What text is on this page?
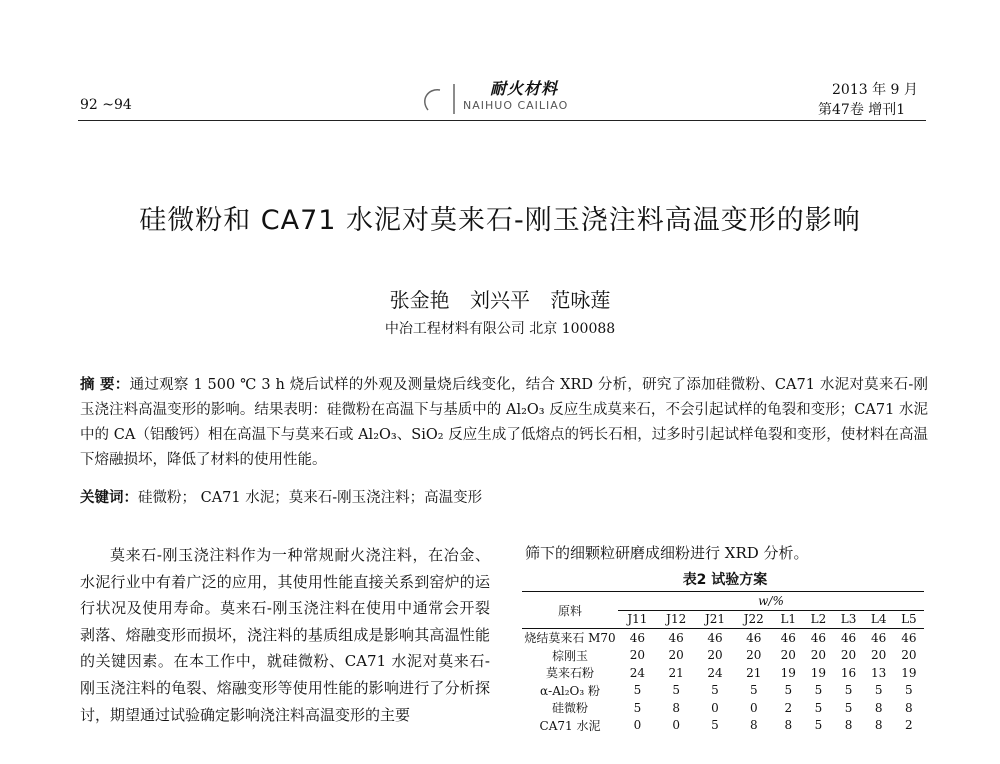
92 ~94
耐火材料
NAIHUO CAILIAO
2013 年 9 月
第47卷 增刊1
硅微粉和 CA71 水泥对莫来石-刚玉浇注料高温变形的影响
张金艳 刘兴平 范咏莲
中冶工程材料有限公司 北京 100088
摘 要：通过观察 1 500 ℃ 3 h 烧后试样的外观及测量烧后线变化，结合 XRD 分析，研究了添加硅微粉、CA71 水泥对莫来石-刚玉浇注料高温变形的影响。结果表明：硅微粉在高温下与基质中的 Al₂O₃ 反应生成莫来石，不会引起试样的龟裂和变形；CA71 水泥中的 CA（铝酸钙）相在高温下与莫来石或 Al₂O₃、SiO₂ 反应生成了低熔点的钙长石相，过多时引起试样龟裂和变形，使材料在高温下熔融损坏，降低了材料的使用性能。
关键词：硅微粉； CA71 水泥；莫来石-刚玉浇注料；高温变形

莫来石-刚玉浇注料作为一种常规耐火浇注料，在冶金、水泥行业中有着广泛的应用，其使用性能直接关系到窑炉的运行状况及使用寿命。莫来石-刚玉浇注料在使用中通常会开裂剥落、熔融变形而损坏，浇注料的基质组成是影响其高温性能的关键因素。在本工作中，就硅微粉、CA71 水泥对莫来石-刚玉浇注料的龟裂、熔融变形等使用性能的影响进行了分析探讨，期望通过试验确定影响浇注料高温变形的主要

筛下的细颗粒研磨成细粉进行 XRD 分析。
表2 试验方案
原料	w/%								
	J11	J12	J21	J22	L1	L2	L3	L4	L5
烧结莫来石 M70	46	46	46	46	46	46	46	46	46
棕刚玉	20	20	20	20	20	20	20	20	20
莫来石粉	24	21	24	21	19	19	16	13	19
α-Al₂O₃ 粉	5	5	5	5	5	5	5	5	5
硅微粉	5	8	0	0	2	5	5	8	8
CA71 水泥	0	0	5	8	8	5	8	8	2
